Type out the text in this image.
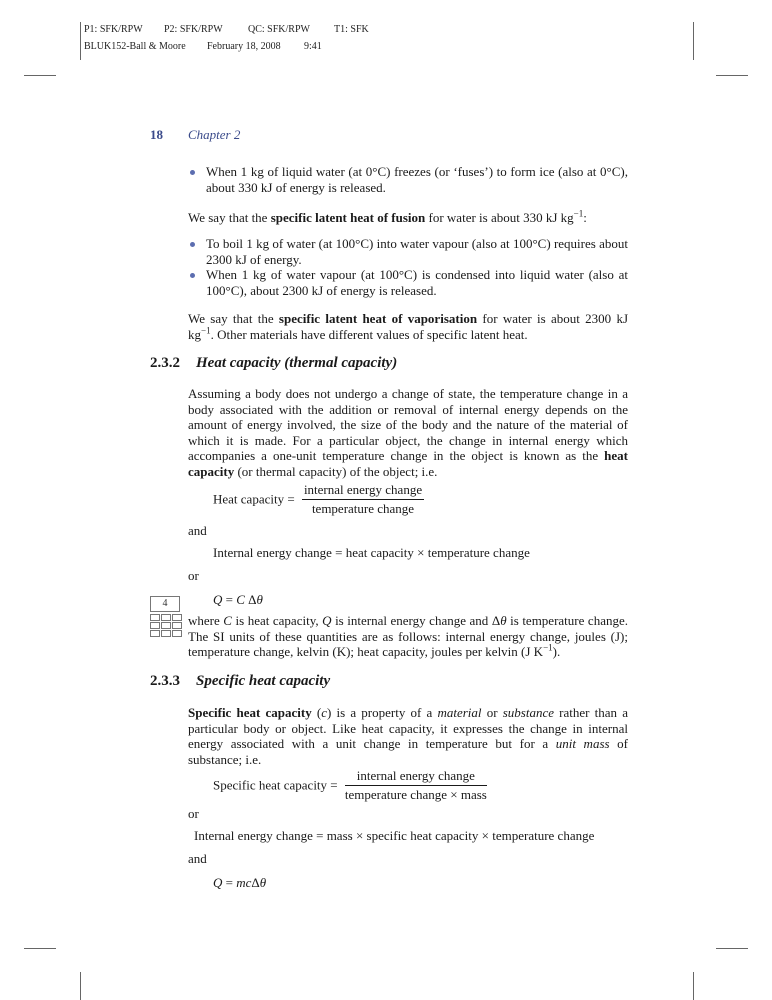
P1: SFK/RPW P2: SFK/RPW	QC: SFK/RPW T1: SFK
BLUK152-Ball & Moore February 18, 2008 9:41
18 Chapter 2
When 1 kg of liquid water (at 0°C) freezes (or ‘fuses’) to form ice (also at 0°C), about 330 kJ of energy is released.
We say that the specific latent heat of fusion for water is about 330 kJ $kg^{-1}$:
To boil 1 kg of water (at 100°C) into water vapour (also at 100°C) requires about 2300 kJ of energy.
When 1 kg of water vapour (at 100°C) is condensed into liquid water (also at 100°C), about 2300 kJ of energy is released.
We say that the specific latent heat of vaporisation for water is about 2300 kJ $kg^{-1}$. Other materials have different values of specific latent heat.
2.3.2 Heat capacity (thermal capacity)
Assuming a body does not undergo a change of state, the temperature change in a body associated with the addition or removal of internal energy depends on the amount of energy involved, the size of the body and the nature of the material of which it is made. For a particular object, the change in internal energy which accompanies a one-unit temperature change in the object is known as the heat capacity (or thermal capacity) of the object; i.e.
Heat capacity = $\frac{\text{internal energy change}}{\text{temperature change}}$
and
Internal energy change = heat capacity × temperature change
or
4	Q = C Δθ
where C is heat capacity, Q is internal energy change and Δθ is temperature change. The SI units of these quantities are as follows: internal energy change, joules (J); temperature change, kelvin (K); heat capacity, joules per kelvin (J $K^{-1}$).
2.3.3 Specific heat capacity
Specific heat capacity (c) is a property of a material or substance rather than a particular body or object. Like heat capacity, it expresses the change in internal energy associated with a unit change in temperature but for a unit mass of substance; i.e.
Specific heat capacity = $\frac{\text{internal energy change}}{\text{temperature change × mass}}$
or
Internal energy change = mass × specific heat capacity × temperature change
and
Q = mcΔθ
